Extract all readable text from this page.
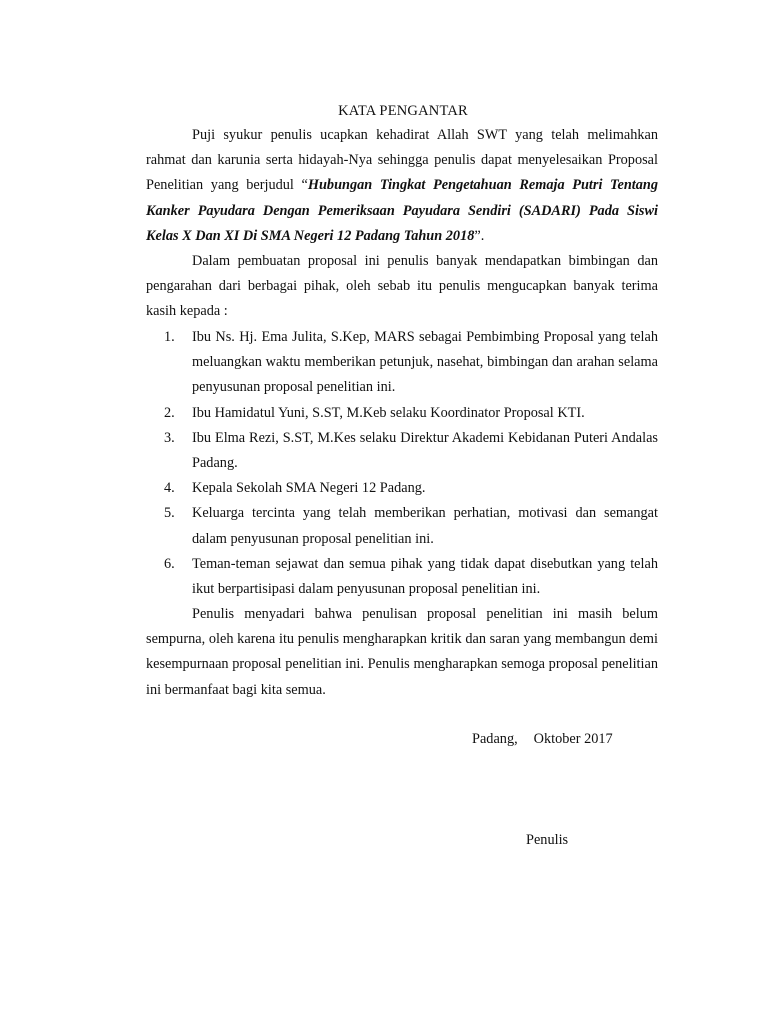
KATA PENGANTAR
Puji syukur penulis ucapkan kehadirat Allah SWT yang telah melimahkan rahmat dan karunia serta hidayah-Nya sehingga penulis dapat menyelesaikan Proposal Penelitian yang berjudul “Hubungan Tingkat Pengetahuan Remaja Putri Tentang Kanker Payudara Dengan Pemeriksaan Payudara Sendiri (SADARI) Pada Siswi Kelas X Dan XI Di SMA Negeri 12 Padang Tahun 2018”.
Dalam pembuatan proposal ini penulis banyak mendapatkan bimbingan dan pengarahan dari berbagai pihak, oleh sebab itu penulis mengucapkan banyak terima kasih kepada :
1. Ibu Ns. Hj. Ema Julita, S.Kep, MARS sebagai Pembimbing Proposal yang telah meluangkan waktu memberikan petunjuk, nasehat, bimbingan dan arahan selama penyusunan proposal penelitian ini.
2. Ibu Hamidatul Yuni, S.ST, M.Keb selaku Koordinator Proposal KTI.
3. Ibu Elma Rezi, S.ST, M.Kes selaku Direktur Akademi Kebidanan Puteri Andalas Padang.
4. Kepala Sekolah SMA Negeri 12 Padang.
5. Keluarga tercinta yang telah memberikan perhatian, motivasi dan semangat dalam penyusunan proposal penelitian ini.
6. Teman-teman sejawat dan semua pihak yang tidak dapat disebutkan yang telah ikut berpartisipasi dalam penyusunan proposal penelitian ini.
Penulis menyadari bahwa penulisan proposal penelitian ini masih belum sempurna, oleh karena itu penulis mengharapkan kritik dan saran yang membangun demi kesempurnaan proposal penelitian ini. Penulis mengharapkan semoga proposal penelitian ini bermanfaat bagi kita semua.
Padang, Oktober 2017
Penulis
